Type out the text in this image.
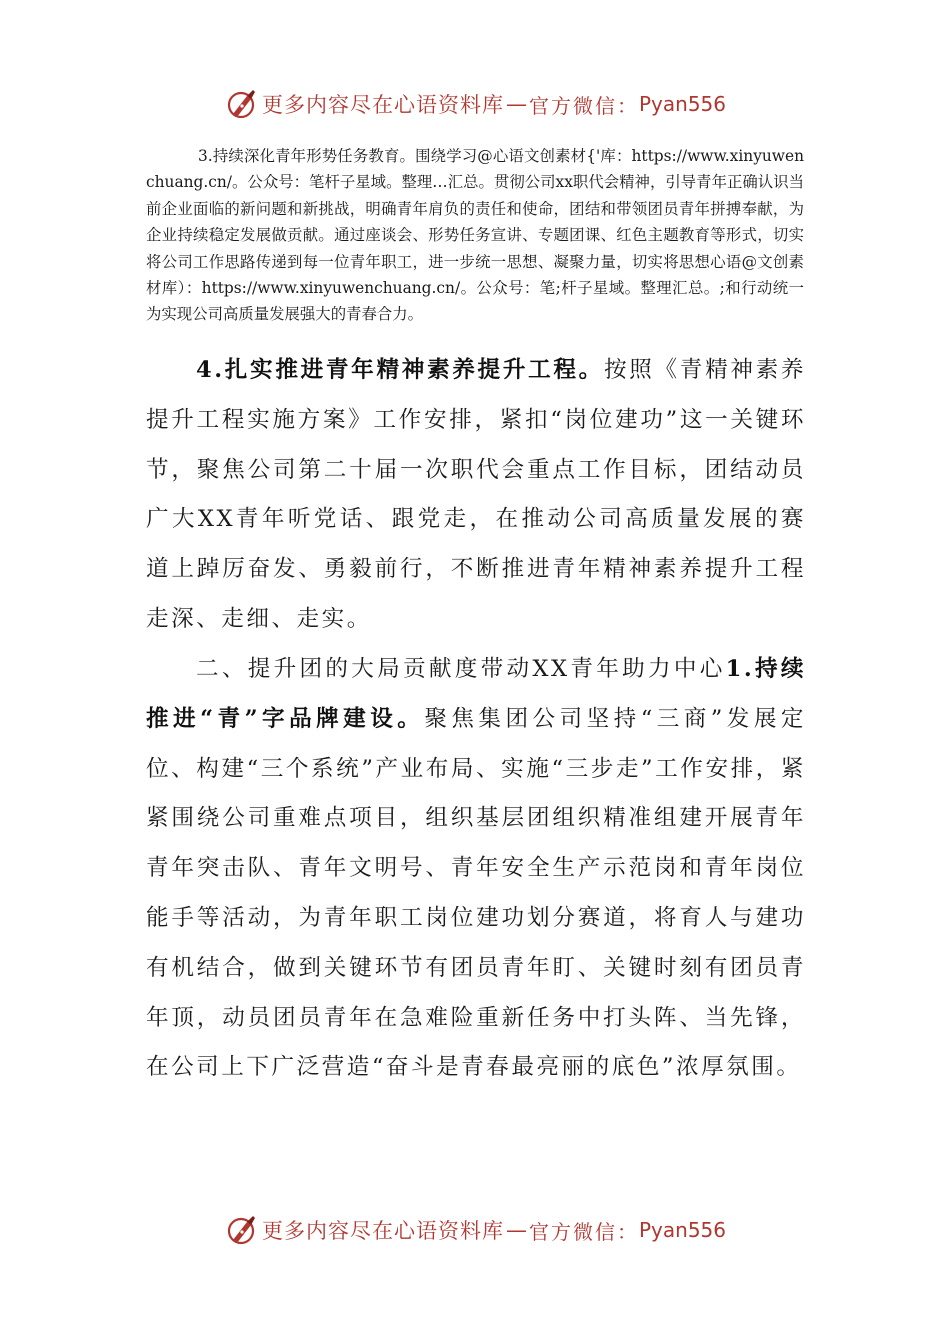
更多内容尽在心语资料库 — 官方微信： Pyan556

3.持续深化青年形势任务教育。围绕学习@心语文创素材{'库：https://www.xinyuwenchuang.cn/。公众号：笔杆子星域。整理…汇总。贯彻公司xx职代会精神，引导青年正确认识当前企业面临的新问题和新挑战，明确青年肩负的责任和使命，团结和带领团员青年拼搏奉献，为企业持续稳定发展做贡献。通过座谈会、形势任务宣讲、专题团课、红色主题教育等形式，切实将公司工作思路传递到每一位青年职工，进一步统一思想、凝聚力量，切实将思想心语@文创素材库）：https://www.xinyuwenchuang.cn/。公众号：笔;杆子星域。整理汇总。;和行动统一为实现公司高质量发展强大的青春合力。

4.扎实推进青年精神素养提升工程。按照《青精神素养提升工程实施方案》工作安排，紧扣“岗位建功”这一关键环节，聚焦公司第二十届一次职代会重点工作目标，团结动员广大XX青年听党话、跟党走，在推动公司高质量发展的赛道上踔厉奋发、勇毅前行，不断推进青年精神素养提升工程走深、走细、走实。

二、提升团的大局贡献度带动XX青年助力中心1.持续推进“青”字品牌建设。聚焦集团公司坚持“三商”发展定位、构建“三个系统”产业布局、实施“三步走”工作安排，紧紧围绕公司重难点项目，组织基层团组织精准组建开展青年青年突击队、青年文明号、青年安全生产示范岗和青年岗位能手等活动，为青年职工岗位建功划分赛道，将育人与建功有机结合，做到关键环节有团员青年盯、关键时刻有团员青年顶，动员团员青年在急难险重新任务中打头阵、当先锋，在公司上下广泛营造“奋斗是青春最亮丽的底色”浓厚氛围。

更多内容尽在心语资料库 — 官方微信： Pyan556
